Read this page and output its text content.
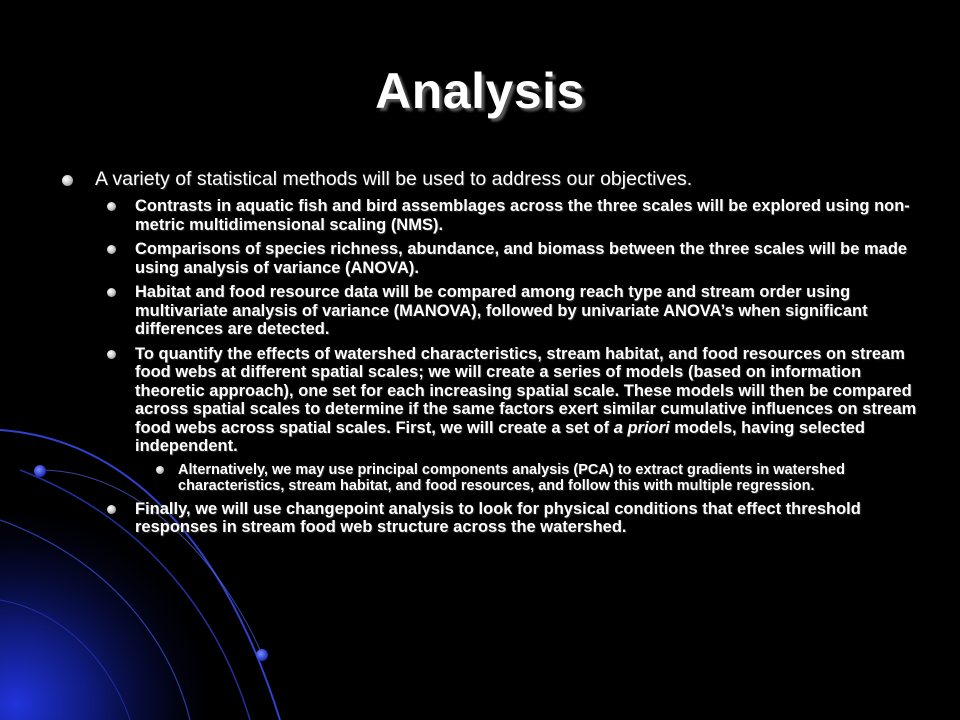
Analysis
A variety of statistical methods will be used to address our objectives.
Contrasts in aquatic fish and bird assemblages across the three scales will be explored using non-metric multidimensional scaling (NMS).
Comparisons of species richness, abundance, and biomass between the three scales will be made using analysis of variance (ANOVA).
Habitat and food resource data will be compared among reach type and stream order using multivariate analysis of variance (MANOVA), followed by univariate ANOVA’s when significant differences are detected.
To quantify the effects of watershed characteristics, stream habitat, and food resources on stream food webs at different spatial scales; we will create a series of models (based on information theoretic approach), one set for each increasing spatial scale. These models will then be compared across spatial scales to determine if the same factors exert similar cumulative influences on stream food webs across spatial scales. First, we will create a set of a priori models, having selected independent.
Alternatively, we may use principal components analysis (PCA) to extract gradients in watershed characteristics, stream habitat, and food resources, and follow this with multiple regression.
Finally, we will use changepoint analysis to look for physical conditions that effect threshold responses in stream food web structure across the watershed.
